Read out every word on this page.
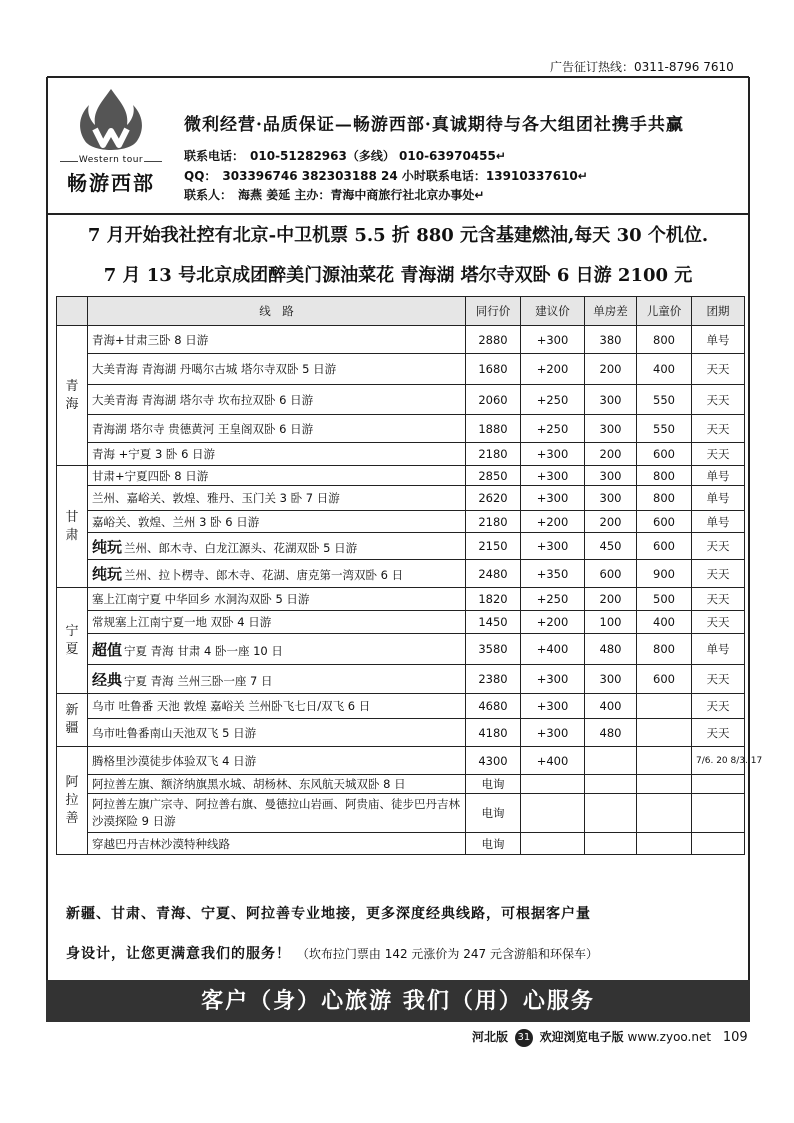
广告征订热线：0311-8796 7610
Western tour
畅游西部
微利经营·品质保证—畅游西部·真诚期待与各大组团社携手共赢
联系电话： 010-51282963（多线） 010-63970455↵
QQ： 303396746 382303188 24 小时联系电话：13910337610↵
联系人： 海燕 姜延 主办：青海中商旅行社北京办事处↵
7 月开始我社控有北京-中卫机票 5.5 折 880 元含基建燃油,每天 30 个机位.
7 月 13 号北京成团醉美门源油菜花 青海湖 塔尔寺双卧 6 日游 2100 元
	线　路	同行价	建议价	单房差	儿童价	团期
青海	青海+甘肃三卧 8 日游	2880	+300	380	800	单号
	大美青海 青海湖 丹噶尔古城 塔尔寺双卧 5 日游	1680	+200	200	400	天天
	大美青海 青海湖 塔尔寺 坎布拉双卧 6 日游	2060	+250	300	550	天天
	青海湖 塔尔寺 贵德黄河 王皇阁双卧 6 日游	1880	+250	300	550	天天
	青海 +宁夏 3 卧 6 日游	2180	+300	200	600	天天
甘肃	甘肃+宁夏四卧 8 日游	2850	+300	300	800	单号
	兰州、嘉峪关、敦煌、雅丹、玉门关 3 卧 7 日游	2620	+300	300	800	单号
	嘉峪关、敦煌、兰州 3 卧 6 日游	2180	+200	200	600	单号
	纯玩 兰州、郎木寺、白龙江源头、花湖双卧 5 日游	2150	+300	450	600	天天
	纯玩 兰州、拉卜楞寺、郎木寺、花湖、唐克第一湾双卧 6 日	2480	+350	600	900	天天
宁夏	塞上江南宁夏 中华回乡 水洞沟双卧 5 日游	1820	+250	200	500	天天
	常规塞上江南宁夏一地 双卧 4 日游	1450	+200	100	400	天天
	超值 宁夏 青海 甘肃 4 卧一座 10 日	3580	+400	480	800	单号
	经典 宁夏 青海 兰州三卧一座 7 日	2380	+300	300	600	天天
新疆	乌市 吐鲁番 天池 敦煌 嘉峪关 兰州卧飞七日/双飞 6 日	4680	+300	400		天天
	乌市吐鲁番南山天池双飞 5 日游	4180	+300	480		天天
阿拉善	腾格里沙漠徒步体验双飞 4 日游	4300	+400			7/6. 20 8/3. 17
	阿拉善左旗、额济纳旗黑水城、胡杨林、东风航天城双卧 8 日	电询				
	阿拉善左旗广宗寺、阿拉善右旗、曼德拉山岩画、阿贵庙、徒步巴丹吉林沙漠探险 9 日游	电询				
	穿越巴丹吉林沙漠特种线路	电询				
新疆、甘肃、青海、宁夏、阿拉善专业地接，更多深度经典线路，可根据客户量
身设计，让您更满意我们的服务！ （坎布拉门票由 142 元涨价为 247 元含游船和环保车）
客户（身）心旅游 我们（用）心服务
河北版 31 欢迎浏览电子版 www.zyoo.net 109
